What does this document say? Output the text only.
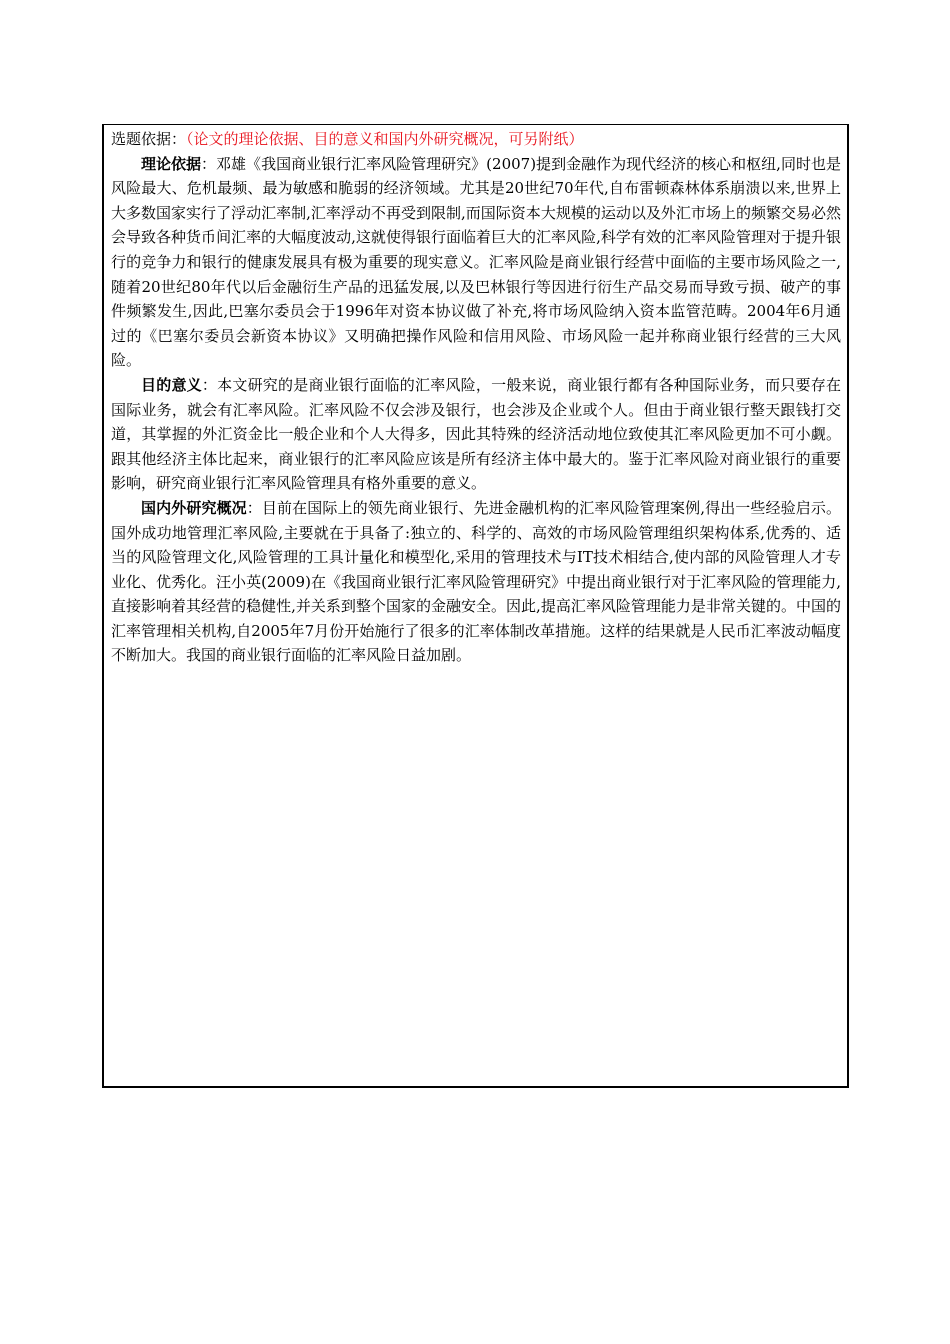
选题依据：（论文的理论依据、目的意义和国内外研究概况，可另附纸）

理论依据：邓雄《我国商业银行汇率风险管理研究》(2007)提到金融作为现代经济的核心和枢纽,同时也是风险最大、危机最频、最为敏感和脆弱的经济领域。尤其是20世纪70年代,自布雷顿森林体系崩溃以来,世界上大多数国家实行了浮动汇率制,汇率浮动不再受到限制,而国际资本大规模的运动以及外汇市场上的频繁交易必然会导致各种货币间汇率的大幅度波动,这就使得银行面临着巨大的汇率风险,科学有效的汇率风险管理对于提升银行的竞争力和银行的健康发展具有极为重要的现实意义。汇率风险是商业银行经营中面临的主要市场风险之一,随着20世纪80年代以后金融衍生产品的迅猛发展,以及巴林银行等因进行衍生产品交易而导致亏损、破产的事件频繁发生,因此,巴塞尔委员会于1996年对资本协议做了补充,将市场风险纳入资本监管范畴。2004年6月通过的《巴塞尔委员会新资本协议》又明确把操作风险和信用风险、市场风险一起并称商业银行经营的三大风险。

目的意义：本文研究的是商业银行面临的汇率风险，一般来说，商业银行都有各种国际业务，而只要存在国际业务，就会有汇率风险。汇率风险不仅会涉及银行，也会涉及企业或个人。但由于商业银行整天跟钱打交道，其掌握的外汇资金比一般企业和个人大得多，因此其特殊的经济活动地位致使其汇率风险更加不可小觑。跟其他经济主体比起来，商业银行的汇率风险应该是所有经济主体中最大的。鉴于汇率风险对商业银行的重要影响，研究商业银行汇率风险管理具有格外重要的意义。

国内外研究概况：目前在国际上的领先商业银行、先进金融机构的汇率风险管理案例,得出一些经验启示。国外成功地管理汇率风险,主要就在于具备了:独立的、科学的、高效的市场风险管理组织架构体系,优秀的、适当的风险管理文化,风险管理的工具计量化和模型化,采用的管理技术与IT技术相结合,使内部的风险管理人才专业化、优秀化。汪小英(2009)在《我国商业银行汇率风险管理研究》中提出商业银行对于汇率风险的管理能力,直接影响着其经营的稳健性,并关系到整个国家的金融安全。因此,提高汇率风险管理能力是非常关键的。中国的汇率管理相关机构,自2005年7月份开始施行了很多的汇率体制改革措施。这样的结果就是人民币汇率波动幅度不断加大。我国的商业银行面临的汇率风险日益加剧。
